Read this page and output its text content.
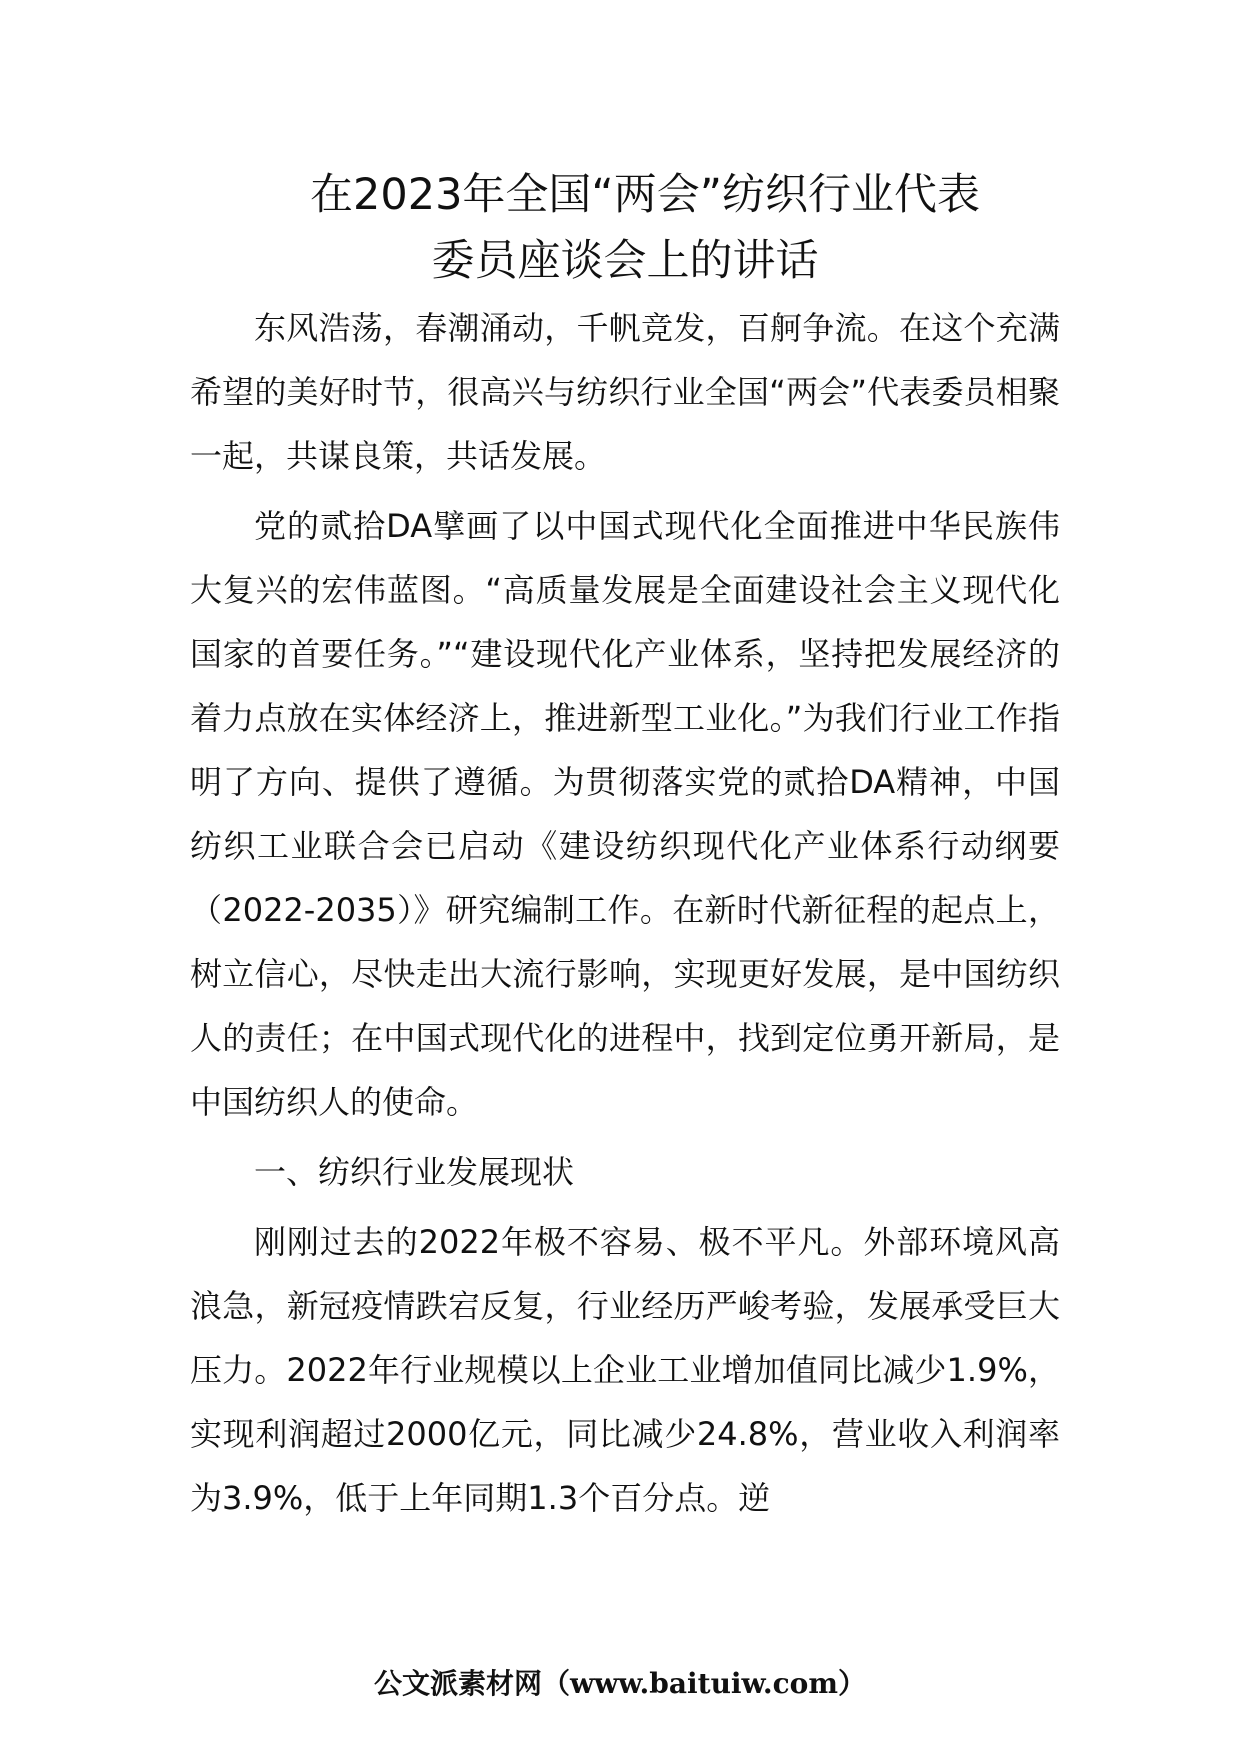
在2023年全国“两会”纺织行业代表
委员座谈会上的讲话

东风浩荡，春潮涌动，千帆竞发，百舸争流。在这个充满希望的美好时节，很高兴与纺织行业全国“两会”代表委员相聚一起，共谋良策，共话发展。

党的贰拾DA擘画了以中国式现代化全面推进中华民族伟大复兴的宏伟蓝图。“高质量发展是全面建设社会主义现代化国家的首要任务。”“建设现代化产业体系，坚持把发展经济的着力点放在实体经济上，推进新型工业化。”为我们行业工作指明了方向、提供了遵循。为贯彻落实党的贰拾DA精神，中国纺织工业联合会已启动《建设纺织现代化产业体系行动纲要（2022-2035）》研究编制工作。在新时代新征程的起点上，树立信心，尽快走出大流行影响，实现更好发展，是中国纺织人的责任；在中国式现代化的进程中，找到定位勇开新局，是中国纺织人的使命。

一、纺织行业发展现状

刚刚过去的2022年极不容易、极不平凡。外部环境风高浪急，新冠疫情跌宕反复，行业经历严峻考验，发展承受巨大压力。2022年行业规模以上企业工业增加值同比减少1.9%，实现利润超过2000亿元，同比减少24.8%，营业收入利润率为3.9%，低于上年同期1.3个百分点。逆

公文派素材网（www.baituiw.com）
